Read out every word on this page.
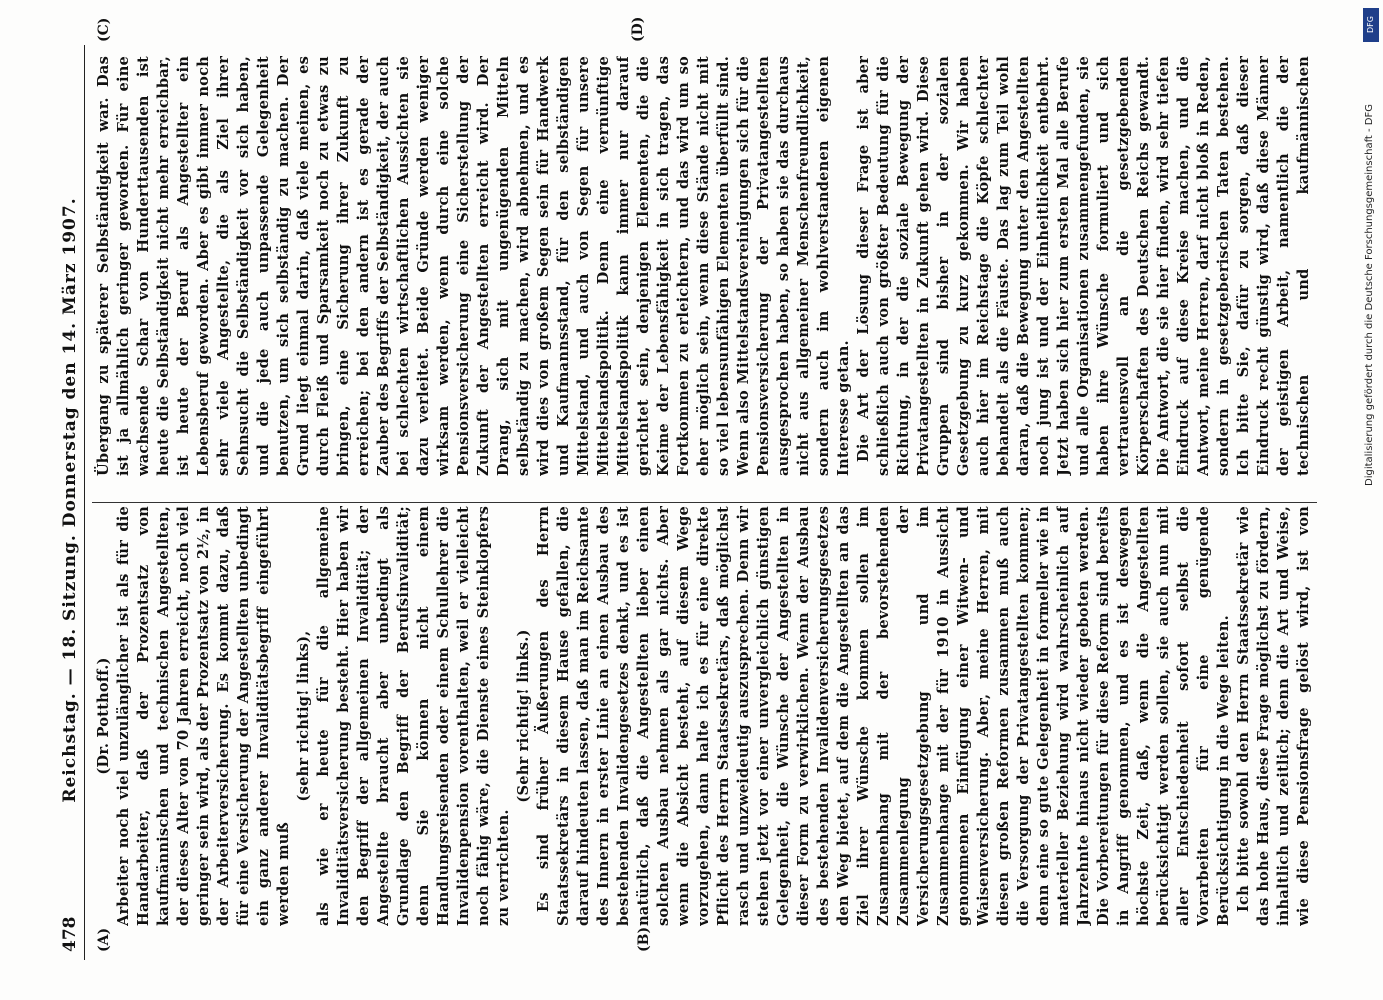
478
Reichstag. — 18. Sitzung. Donnerstag den 14. März 1907.
(A)	(B)
(C)	(D)

(Dr. Potthoff.) Arbeiter noch viel unzulänglicher ist als für die Handarbeiter, daß der Prozentsatz von kaufmännischen und technischen Angestellten, der dieses Alter von 70 Jahren erreicht, noch viel geringer sein wird, als der Prozentsatz von 2½, in der Arbeiterversicherung. Es kommt dazu, daß für eine Versicherung der Angestellten unbedingt ein ganz anderer Invaliditätsbegriff eingeführt werden muß

(sehr richtig! links), als wie er heute für die allgemeine Invaliditätsversicherung besteht. Hier haben wir den Begriff der allgemeinen Invalidität; der Angestellte braucht aber unbedingt als Grundlage den Begriff der Berufsinvalidität; denn Sie können nicht einem Handlungsreisenden oder einem Schullehrer die Invalidenpension vorenthalten, weil er vielleicht noch fähig wäre, die Dienste eines Steinklopfers zu verrichten.

(Sehr richtig! links.) Es sind früher Äußerungen des Herrn Staatssekretärs in diesem Hause gefallen, die darauf hindeuten lassen, daß man im Reichsamte des Innern in erster Linie an einen Ausbau des bestehenden Invalidengesetzes denkt, und es ist natürlich, daß die Angestellten lieber einen solchen Ausbau nehmen als gar nichts. Aber wenn die Absicht besteht, auf diesem Wege vorzugehen, dann halte ich es für eine direkte Pflicht des Herrn Staatssekretärs, daß möglichst rasch und unzweideutig auszusprechen. Denn wir stehen jetzt vor einer unvergleichlich günstigen Gelegenheit, die Wünsche der Angestellten in dieser Form zu verwirklichen. Wenn der Ausbau des bestehenden Invalidenversicherungsgesetzes den Weg bietet, auf dem die Angestellten an das Ziel ihrer Wünsche kommen sollen im Zusammenhang mit der bevorstehenden Zusammenlegung der Versicherungsgesetzgebung und im Zusammenhange mit der für 1910 in Aussicht genommenen Einfügung einer Witwen- und Waisenversicherung. Aber, meine Herren, mit diesen großen Reformen zusammen muß auch die Versorgung der Privatangestellten kommen; denn eine so gute Gelegenheit in formeller wie in materieller Beziehung wird wahrscheinlich auf Jahrzehnte hinaus nicht wieder geboten werden. Die Vorbereitungen für diese Reform sind bereits in Angriff genommen, und es ist deswegen höchste Zeit, daß, wenn die Angestellten berücksichtigt werden sollen, sie auch nun mit aller Entschiedenheit sofort selbst die Vorarbeiten für eine genügende Berücksichtigung in die Wege leiten. Ich bitte sowohl den Herrn Staatssekretär wie das hohe Haus, diese Frage möglichst zu fördern, inhaltlich und zeitlich; denn die Art und Weise, wie diese Pensionsfrage gelöst wird, ist von

Übergang zu späterer Selbständigkeit war. Das ist ja allmählich geringer geworden. Für eine wachsende Schar von Hunderttausenden ist heute die Selbständigkeit nicht mehr erreichbar, ist heute der Beruf als Angestellter ein Lebensberuf geworden. Aber es gibt immer noch sehr viele Angestellte, die als Ziel ihrer Sehnsucht die Selbständigkeit vor sich haben, und die jede auch unpassende Gelegenheit benutzen, um sich selbständig zu machen. Der Grund liegt einmal darin, daß viele meinen, es durch Fleiß und Sparsamkeit noch zu etwas zu bringen, eine Sicherung ihrer Zukunft zu erreichen; bei den andern ist es gerade der Zauber des Begriffs der Selbständigkeit, der auch bei schlechten wirtschaftlichen Aussichten sie dazu verleitet. Beide Gründe werden weniger wirksam werden, wenn durch eine solche Pensionsversicherung eine Sicherstellung der Zukunft der Angestellten erreicht wird. Der Drang, sich mit ungenügenden Mitteln selbständig zu machen, wird abnehmen, und es wird dies von großem Segen sein für Handwerk und Kaufmannsstand, für den selbständigen Mittelstand, und auch von Segen für unsere Mittelstandspolitik. Denn eine vernünftige Mittelstandspolitik kann immer nur darauf gerichtet sein, denjenigen Elementen, die die Keime der Lebensfähigkeit in sich tragen, das Fortkommen zu erleichtern, und das wird um so eher möglich sein, wenn diese Stände nicht mit so viel lebensunfähigen Elementen überfüllt sind. Wenn also Mittelstandsvereinigungen sich für die Pensionsversicherung der Privatangestellten ausgesprochen haben, so haben sie das durchaus nicht aus allgemeiner Menschenfreundlichkeit, sondern auch im wohlverstandenen eigenen Interesse getan. Die Art der Lösung dieser Frage ist aber schließlich auch von größter Bedeutung für die Richtung, in der die soziale Bewegung der Privatangestellten in Zukunft gehen wird. Diese Gruppen sind bisher in der sozialen Gesetzgebung zu kurz gekommen. Wir haben auch hier im Reichstage die Köpfe schlechter behandelt als die Fäuste. Das lag zum Teil wohl daran, daß die Bewegung unter den Angestellten noch jung ist und der Einheitlichkeit entbehrt. Jetzt haben sich hier zum ersten Mal alle Berufe und alle Organisationen zusammengefunden, sie haben ihre Wünsche formuliert und sich vertrauensvoll an die gesetzgebenden Körperschaften des Deutschen Reichs gewandt. Die Antwort, die sie hier finden, wird sehr tiefen Eindruck auf diese Kreise machen, und die Antwort, meine Herren, darf nicht bloß in Reden, sondern in gesetzgeberischen Taten bestehen. Ich bitte Sie, dafür zu sorgen, daß dieser Eindruck recht günstig wird, daß diese Männer der geistigen Arbeit, namentlich die der technischen und kaufmännischen

DFG
Digitalisierung gefördert durch die Deutsche Forschungsgemeinschaft - DFG
